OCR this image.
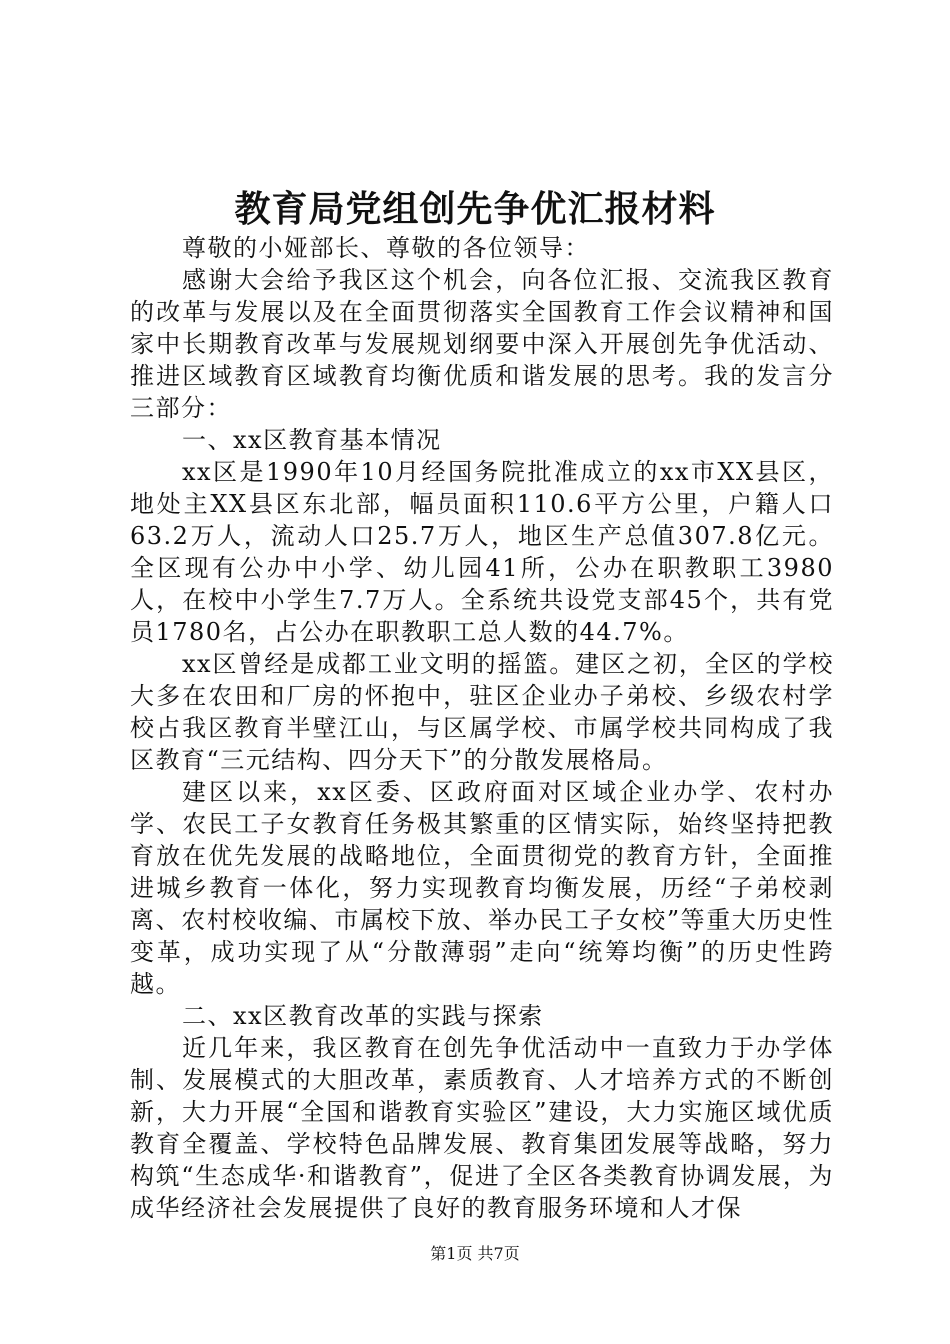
教育局党组创先争优汇报材料

尊敬的小娅部长、尊敬的各位领导：

感谢大会给予我区这个机会，向各位汇报、交流我区教育的改革与发展以及在全面贯彻落实全国教育工作会议精神和国家中长期教育改革与发展规划纲要中深入开展创先争优活动、推进区域教育区域教育均衡优质和谐发展的思考。我的发言分三部分：

一、xx区教育基本情况

xx区是1990年10月经国务院批准成立的xx市XX县区，地处主XX县区东北部，幅员面积110.6平方公里，户籍人口63.2万人，流动人口25.7万人，地区生产总值307.8亿元。全区现有公办中小学、幼儿园41所，公办在职教职工3980人，在校中小学生7.7万人。全系统共设党支部45个，共有党员1780名，占公办在职教职工总人数的44.7%。

xx区曾经是成都工业文明的摇篮。建区之初，全区的学校大多在农田和厂房的怀抱中，驻区企业办子弟校、乡级农村学校占我区教育半壁江山，与区属学校、市属学校共同构成了我区教育“三元结构、四分天下”的分散发展格局。

建区以来，xx区委、区政府面对区域企业办学、农村办学、农民工子女教育任务极其繁重的区情实际，始终坚持把教育放在优先发展的战略地位，全面贯彻党的教育方针，全面推进城乡教育一体化，努力实现教育均衡发展，历经“子弟校剥离、农村校收编、市属校下放、举办民工子女校”等重大历史性变革，成功实现了从“分散薄弱”走向“统筹均衡”的历史性跨越。

二、xx区教育改革的实践与探索

近几年来，我区教育在创先争优活动中一直致力于办学体制、发展模式的大胆改革，素质教育、人才培养方式的不断创新，大力开展“全国和谐教育实验区”建设，大力实施区域优质教育全覆盖、学校特色品牌发展、教育集团发展等战略，努力构筑“生态成华·和谐教育”，促进了全区各类教育协调发展，为成华经济社会发展提供了良好的教育服务环境和人才保

第1页 共7页
